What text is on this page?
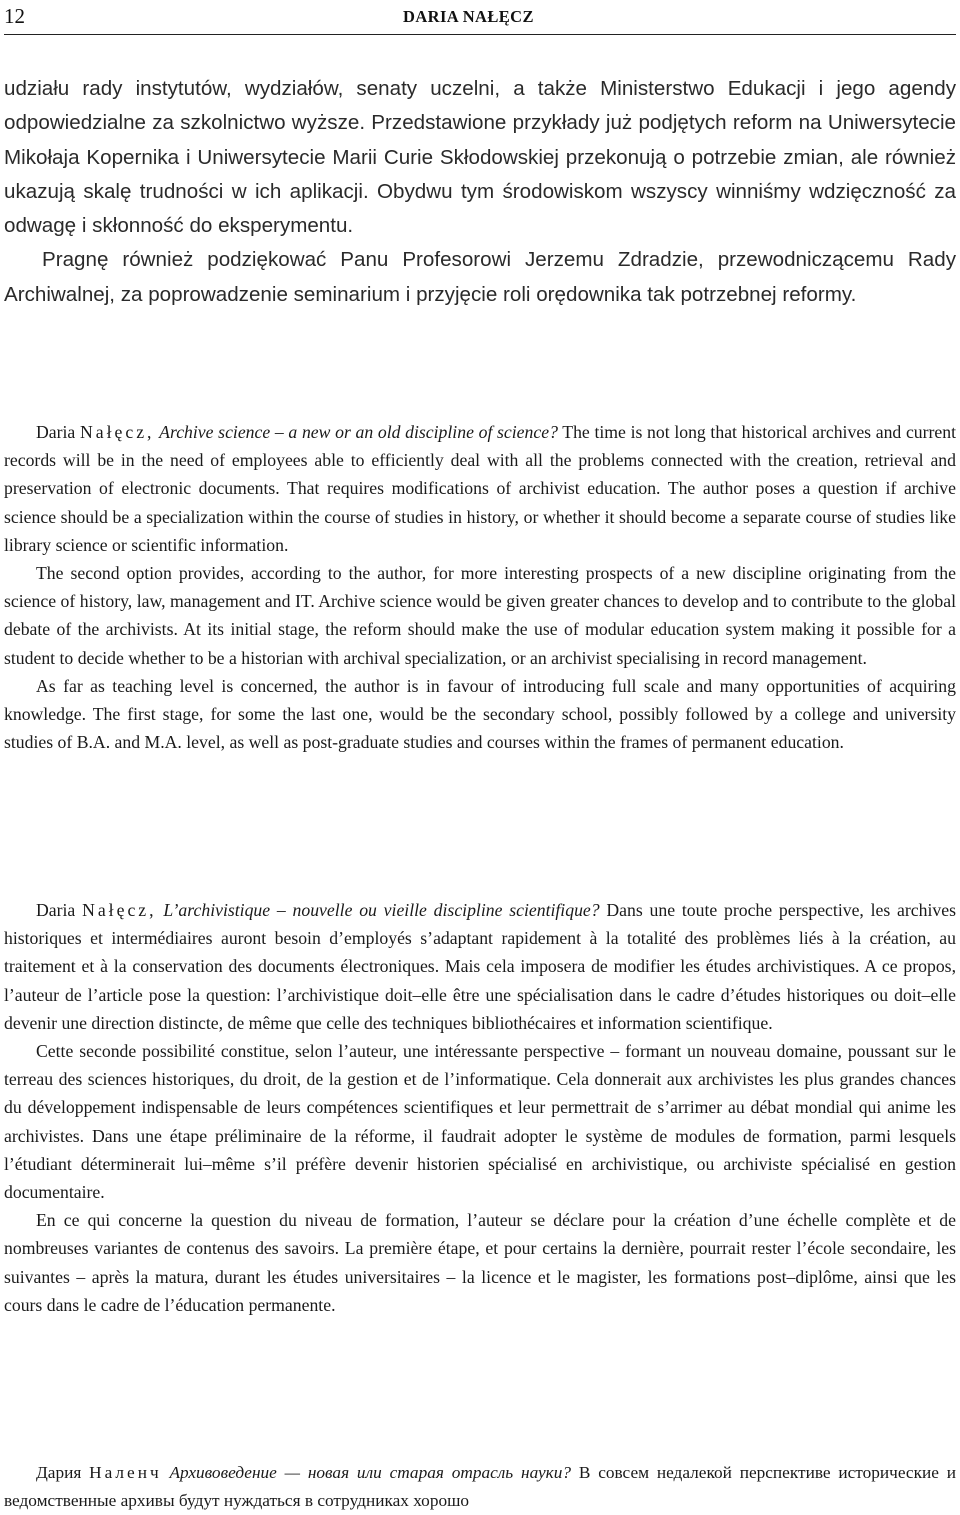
12	DARIA NAŁĘCZ

udziału rady instytutów, wydziałów, senaty uczelni, a także Ministerstwo Edukacji i jego agendy odpowiedzialne za szkolnictwo wyższe. Przedstawione przykłady już podjętych reform na Uniwersytecie Mikołaja Kopernika i Uniwersytecie Marii Curie Skłodowskiej przekonują o potrzebie zmian, ale również ukazują skalę trudności w ich aplikacji. Obydwu tym środowiskom wszyscy winniśmy wdzięczność za odwagę i skłonność do eksperymentu.

Pragnę również podziękować Panu Profesorowi Jerzemu Zdradzie, przewodniczącemu Rady Archiwalnej, za poprowadzenie seminarium i przyjęcie roli orędownika tak potrzebnej reformy.

Daria Nałęcz, Archive science – a new or an old discipline of science? The time is not long that historical archives and current records will be in the need of employees able to efficiently deal with all the problems connected with the creation, retrieval and preservation of electronic documents. That requires modifications of archivist education. The author poses a question if archive science should be a specialization within the course of studies in history, or whether it should become a separate course of studies like library science or scientific information.

The second option provides, according to the author, for more interesting prospects of a new discipline originating from the science of history, law, management and IT. Archive science would be given greater chances to develop and to contribute to the global debate of the archivists. At its initial stage, the reform should make the use of modular education system making it possible for a student to decide whether to be a historian with archival specialization, or an archivist specialising in record management.

As far as teaching level is concerned, the author is in favour of introducing full scale and many opportunities of acquiring knowledge. The first stage, for some the last one, would be the secondary school, possibly followed by a college and university studies of B.A. and M.A. level, as well as post-graduate studies and courses within the frames of permanent education.

Daria Nałęcz, L’archivistique – nouvelle ou vieille discipline scientifique? Dans une toute proche perspective, les archives historiques et intermédiaires auront besoin d’employés s’adaptant rapidement à la totalité des problèmes liés à la création, au traitement et à la conservation des documents électroniques. Mais cela imposera de modifier les études archivistiques. A ce propos, l’auteur de l’article pose la question: l’archivistique doit–elle être une spécialisation dans le cadre d’études historiques ou doit–elle devenir une direction distincte, de même que celle des techniques bibliothécaires et information scientifique.

Cette seconde possibilité constitue, selon l’auteur, une intéressante perspective – formant un nouveau domaine, poussant sur le terreau des sciences historiques, du droit, de la gestion et de l’informatique. Cela donnerait aux archivistes les plus grandes chances du développement indispensable de leurs compétences scientifiques et leur permettrait de s’arrimer au débat mondial qui anime les archivistes. Dans une étape préliminaire de la réforme, il faudrait adopter le système de modules de formation, parmi lesquels l’étudiant déterminerait lui–même s’il préfère devenir historien spécialisé en archivistique, ou archiviste spécialisé en gestion documentaire.

En ce qui concerne la question du niveau de formation, l’auteur se déclare pour la création d’une échelle complète et de nombreuses variantes de contenus des savoirs. La première étape, et pour certains la dernière, pourrait rester l’école secondaire, les suivantes – après la matura, durant les études universitaires – la licence et le magister, les formations post–diplôme, ainsi que les cours dans le cadre de l’éducation permanente.

Дария Наленч Архивоведение — новая или старая отрасль науки? В совсем недалекой перспективе исторические и ведомственные архивы будут нуждаться в сотрудниках хорошо
